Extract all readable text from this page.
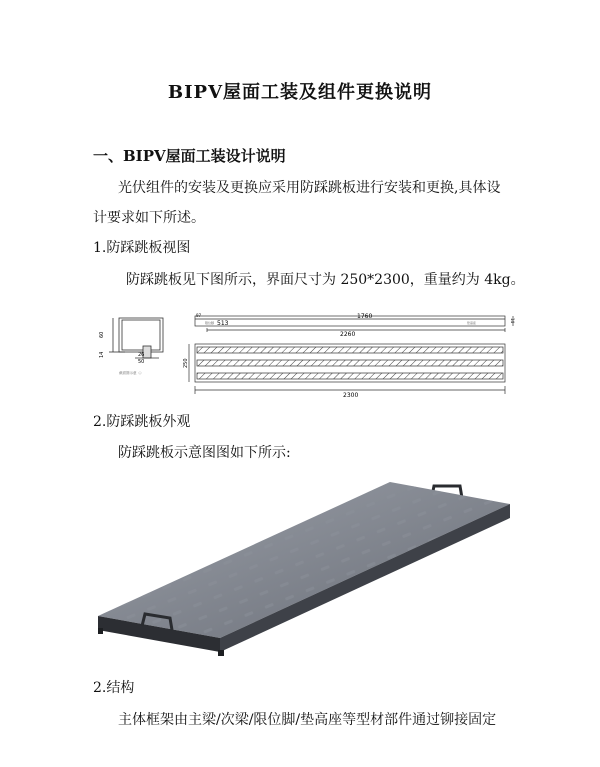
BIPV屋面工装及组件更换说明
一、BIPV屋面工装设计说明
光伏组件的安装及更换应采用防踩跳板进行安装和更换,具体设
计要求如下所述。
1.防踩跳板视图
防踩跳板见下图所示，界面尺寸为 250*2300，重量约为 4kg。
60
14	26
50
截面图示意（）
97
限位脚 513
1760
垫高座
2260
14
250
2300
2.防踩跳板外观
防踩跳板示意图图如下所示:
2.结构
主体框架由主梁/次梁/限位脚/垫高座等型材部件通过铆接固定
